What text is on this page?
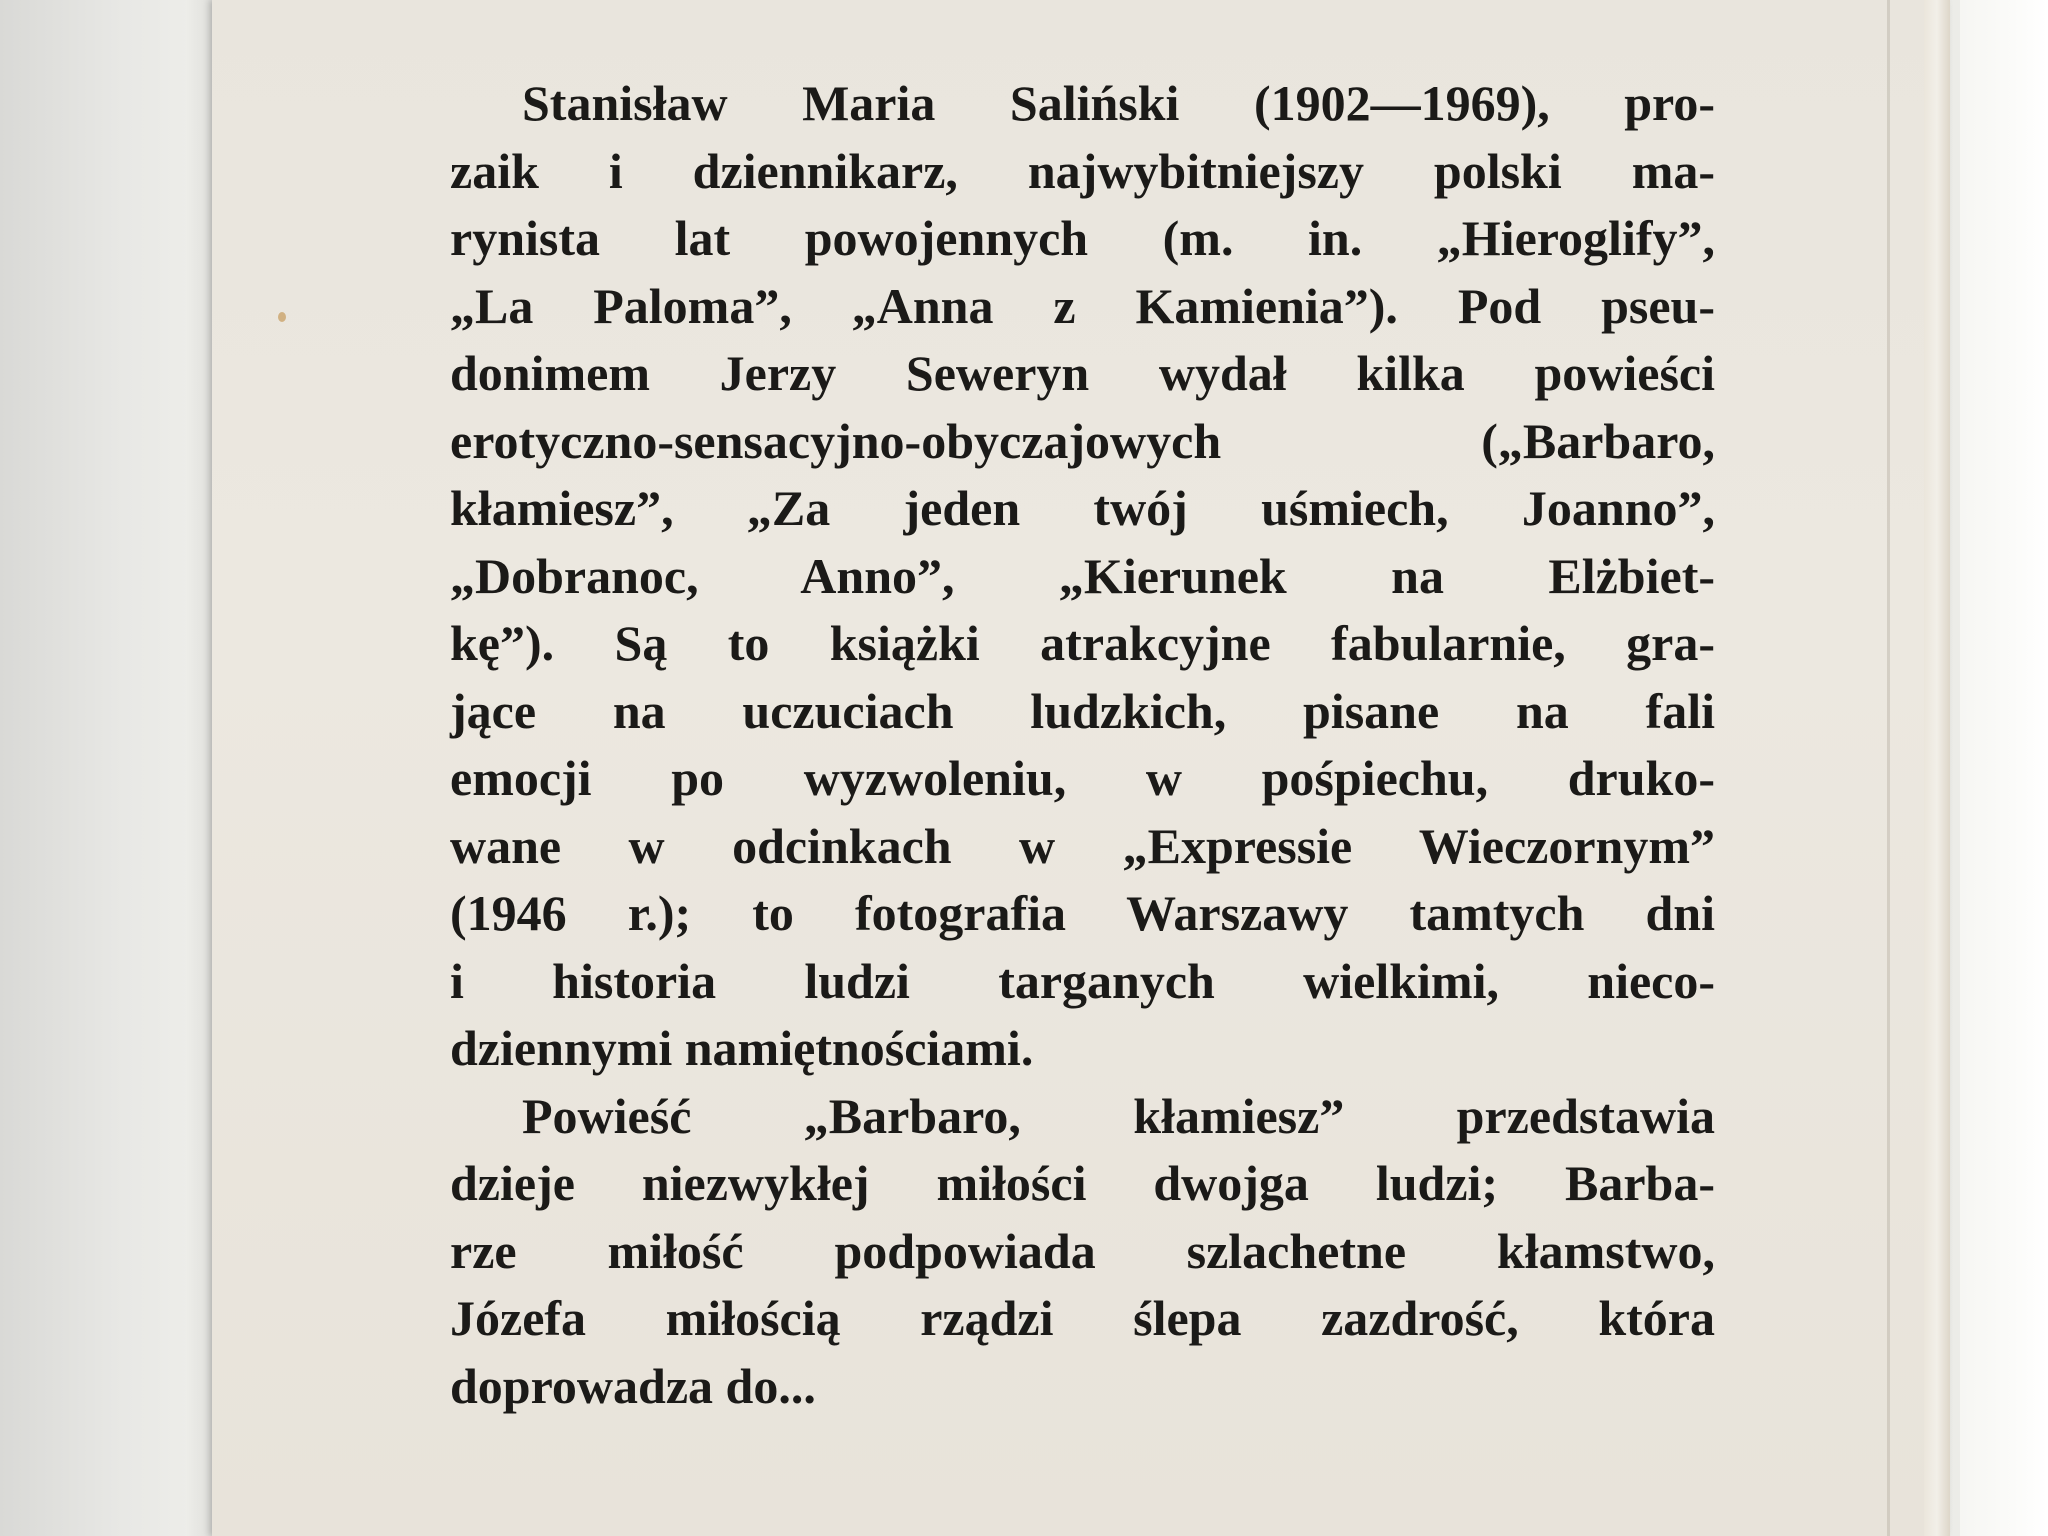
Stanisław Maria Saliński (1902—1969), pro-
zaik i dziennikarz, najwybitniejszy polski ma-
rynista lat powojennych (m. in. „Hieroglify”,
„La Paloma”, „Anna z Kamienia”). Pod pseu-
donimem Jerzy Seweryn wydał kilka powieści
erotyczno-sensacyjno-obyczajowych („Barbaro,
kłamiesz”, „Za jeden twój uśmiech, Joanno”,
„Dobranoc, Anno”, „Kierunek na Elżbiet-
kę”). Są to książki atrakcyjne fabularnie, gra-
jące na uczuciach ludzkich, pisane na fali
emocji po wyzwoleniu, w pośpiechu, druko-
wane w odcinkach w „Expressie Wieczornym”
(1946 r.); to fotografia Warszawy tamtych dni
i historia ludzi targanych wielkimi, nieco-
dziennymi namiętnościami.

Powieść „Barbaro, kłamiesz” przedstawia
dzieje niezwykłej miłości dwojga ludzi; Barba-
rze miłość podpowiada szlachetne kłamstwo,
Józefa miłością rządzi ślepa zazdrość, która
doprowadza do...
